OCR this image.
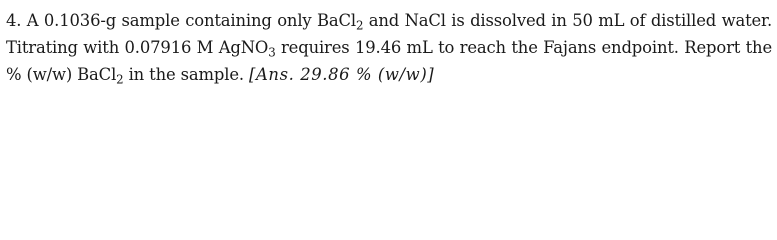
4. A 0.1036-g sample containing only BaCl$_2$ and NaCl is dissolved in 50 mL of distilled water.
Titrating with 0.07916 M AgNO$_3$ requires 19.46 mL to reach the Fajans endpoint. Report the
% (w/w) BaCl$_2$ in the sample. [Ans. 29.86 % (w/w)]
